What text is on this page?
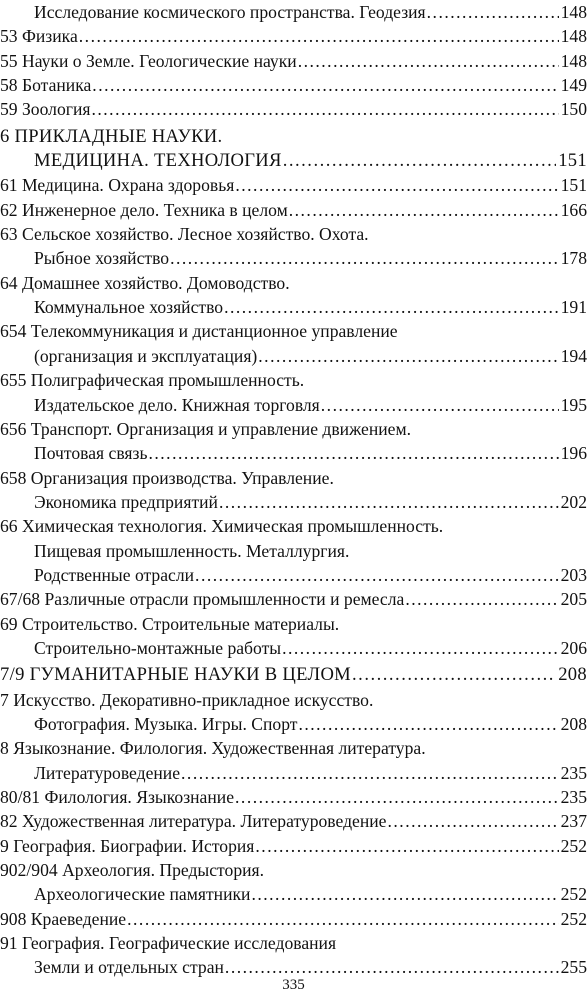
Исследование космического пространства. Геодезия .....	148
53 Физика .....	148
55 Науки о Земле. Геологические науки .....	148
58 Ботаника .....	149
59 Зоология .....	150
6 ПРИКЛАДНЫЕ НАУКИ.
МЕДИЦИНА. ТЕХНОЛОГИЯ .....	151
61 Медицина. Охрана здоровья .....	151
62 Инженерное дело. Техника в целом .....	166
63 Сельское хозяйство. Лесное хозяйство. Охота.
Рыбное хозяйство .....	178
64 Домашнее хозяйство. Домоводство.
Коммунальное хозяйство .....	191
654 Телекоммуникация и дистанционное управление
(организация и эксплуатация) .....	194
655 Полиграфическая промышленность.
Издательское дело. Книжная торговля .....	195
656 Транспорт. Организация и управление движением.
Почтовая связь .....	196
658 Организация производства. Управление.
Экономика предприятий .....	202
66 Химическая технология. Химическая промышленность.
Пищевая промышленность. Металлургия.
Родственные отрасли .....	203
67/68 Различные отрасли промышленности и ремесла .....	205
69 Строительство. Строительные материалы.
Строительно-монтажные работы .....	206
7/9 ГУМАНИТАРНЫЕ НАУКИ В ЦЕЛОМ .....	208
7 Искусство. Декоративно-прикладное искусство.
Фотография. Музыка. Игры. Спорт .....	208
8 Языкознание. Филология. Художественная литература.
Литературоведение .....	235
80/81 Филология. Языкознание .....	235
82 Художественная литература. Литературоведение .....	237
9 География. Биографии. История .....	252
902/904 Археология. Предыстория.
Археологические памятники .....	252
908 Краеведение .....	252
91 География. Географические исследования
Земли и отдельных стран .....	255
335
